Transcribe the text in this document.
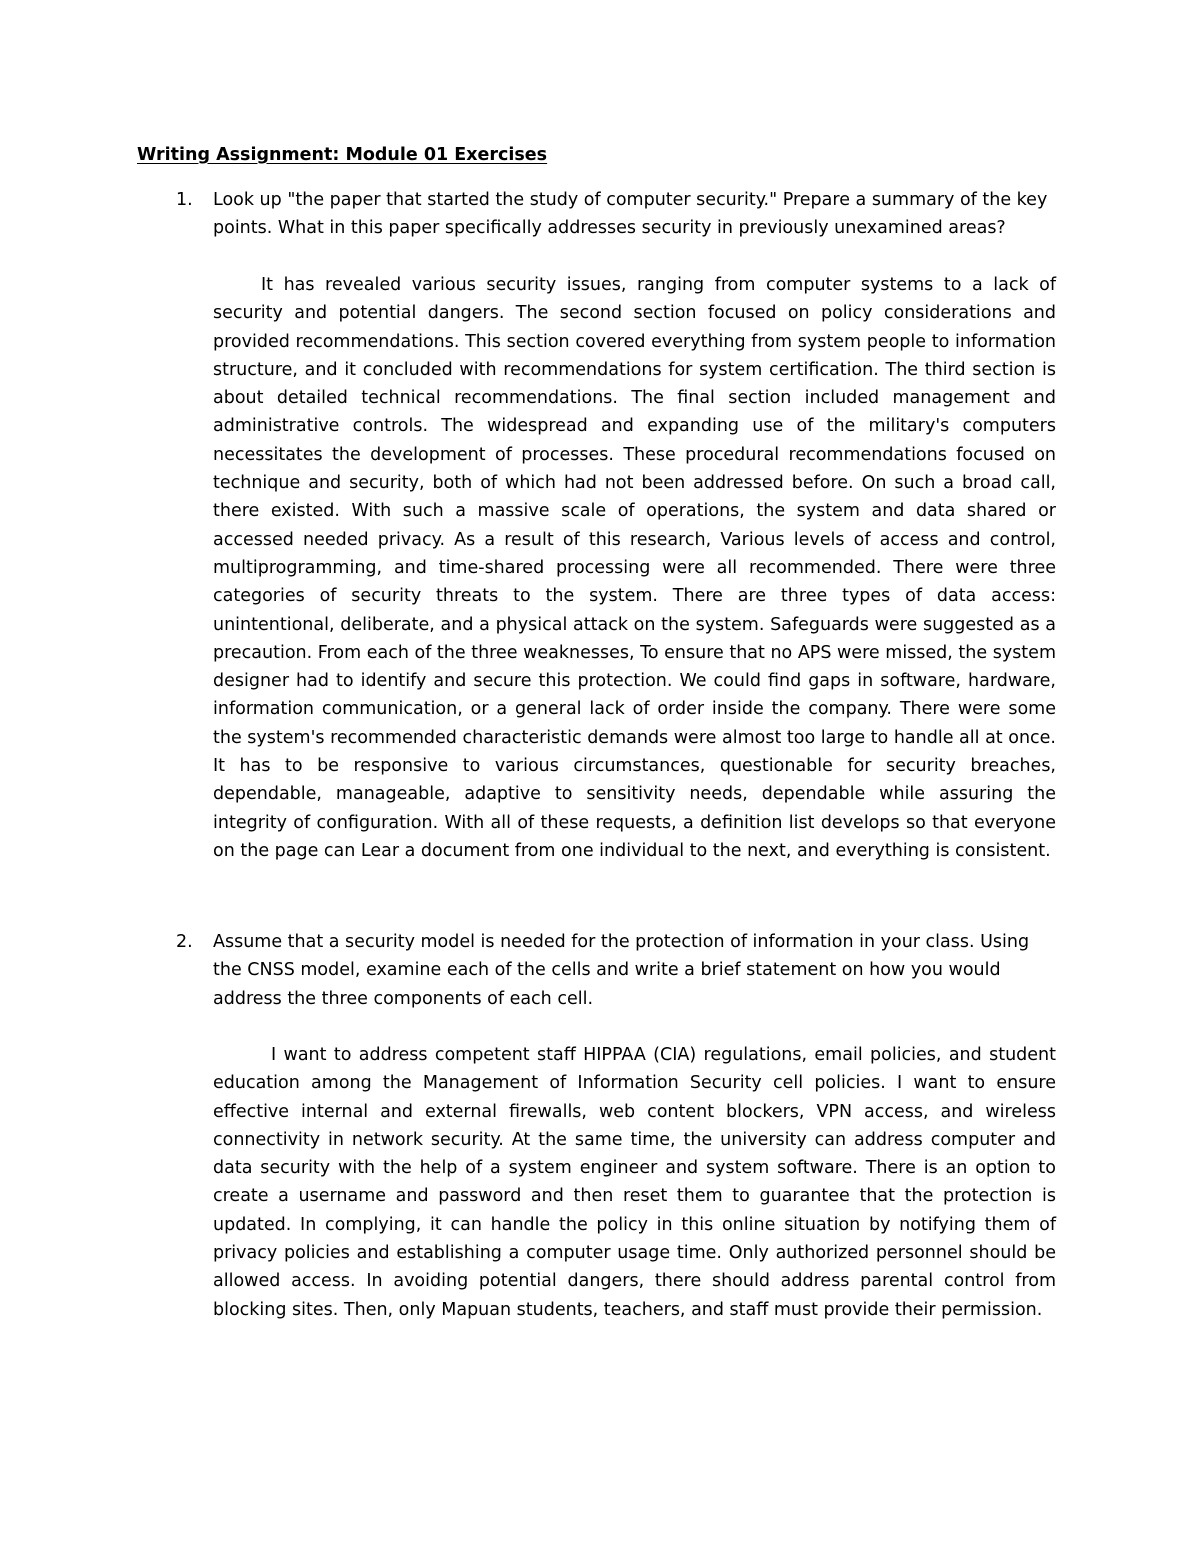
Writing Assignment: Module 01 Exercises
1. Look up "the paper that started the study of computer security." Prepare a summary of the key points. What in this paper specifically addresses security in previously unexamined areas?
It has revealed various security issues, ranging from computer systems to a lack of security and potential dangers. The second section focused on policy considerations and provided recommendations. This section covered everything from system people to information structure, and it concluded with recommendations for system certification. The third section is about detailed technical recommendations. The final section included management and administrative controls. The widespread and expanding use of the military's computers necessitates the development of processes. These procedural recommendations focused on technique and security, both of which had not been addressed before. On such a broad call, there existed. With such a massive scale of operations, the system and data shared or accessed needed privacy. As a result of this research, Various levels of access and control, multiprogramming, and time-shared processing were all recommended. There were three categories of security threats to the system. There are three types of data access: unintentional, deliberate, and a physical attack on the system. Safeguards were suggested as a precaution. From each of the three weaknesses, To ensure that no APS were missed, the system designer had to identify and secure this protection. We could find gaps in software, hardware, information communication, or a general lack of order inside the company. There were some the system's recommended characteristic demands were almost too large to handle all at once. It has to be responsive to various circumstances, questionable for security breaches, dependable, manageable, adaptive to sensitivity needs, dependable while assuring the integrity of configuration. With all of these requests, a definition list develops so that everyone on the page can Lear a document from one individual to the next, and everything is consistent.
2. Assume that a security model is needed for the protection of information in your class. Using the CNSS model, examine each of the cells and write a brief statement on how you would address the three components of each cell.
I want to address competent staff HIPPAA (CIA) regulations, email policies, and student education among the Management of Information Security cell policies. I want to ensure effective internal and external firewalls, web content blockers, VPN access, and wireless connectivity in network security. At the same time, the university can address computer and data security with the help of a system engineer and system software. There is an option to create a username and password and then reset them to guarantee that the protection is updated. In complying, it can handle the policy in this online situation by notifying them of privacy policies and establishing a computer usage time. Only authorized personnel should be allowed access. In avoiding potential dangers, there should address parental control from blocking sites. Then, only Mapuan students, teachers, and staff must provide their permission.
